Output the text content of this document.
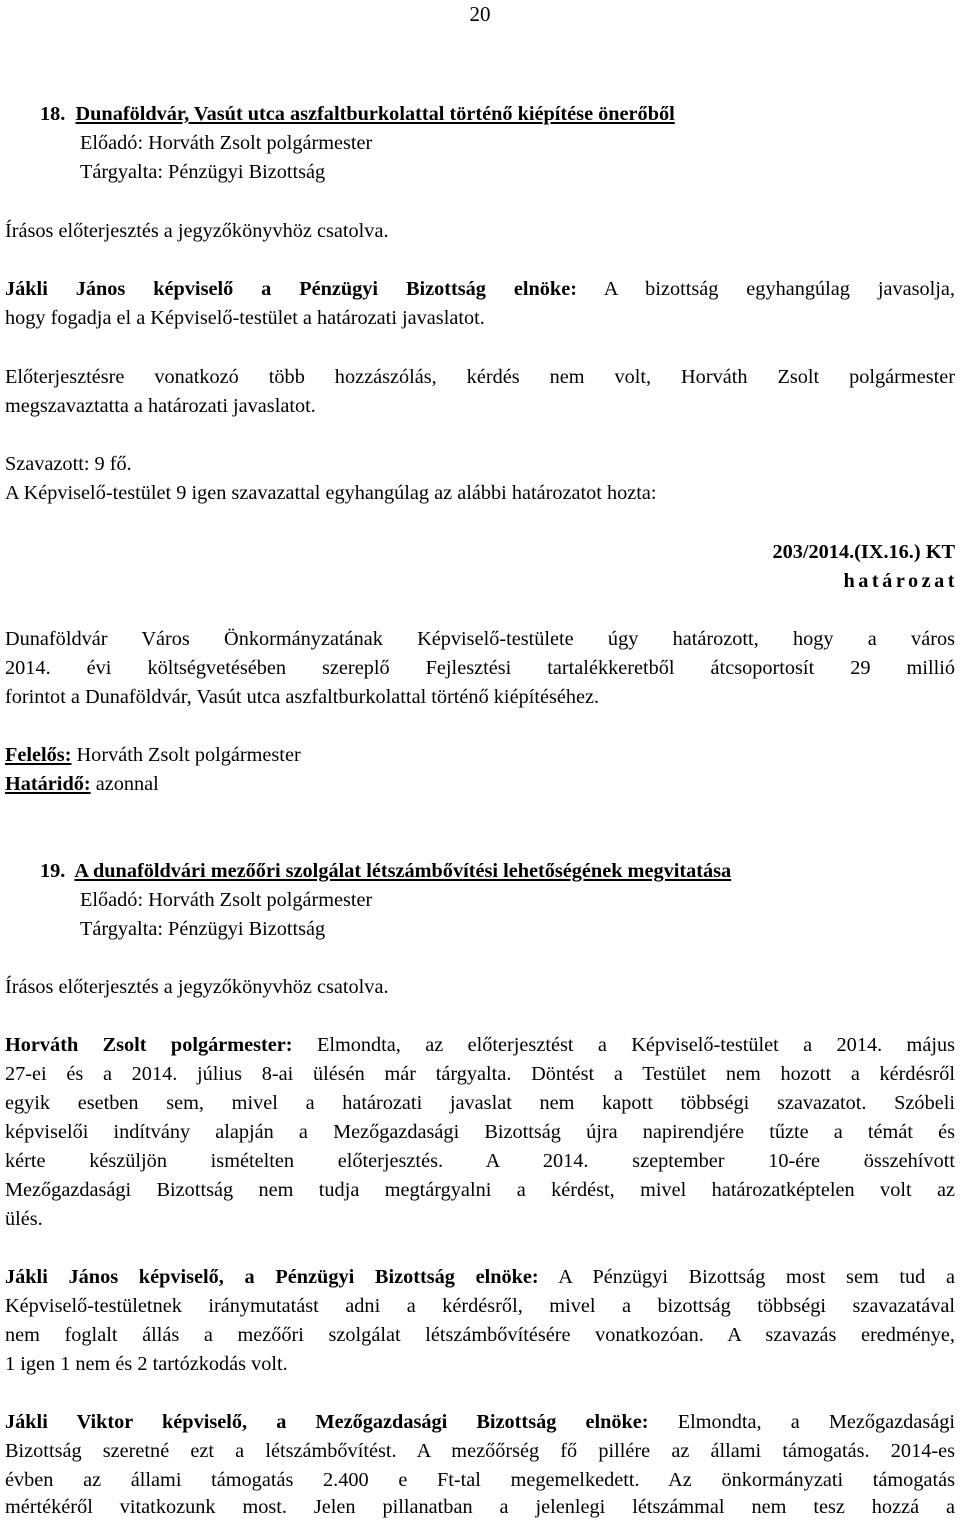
20
18. Dunaföldvár, Vasút utca aszfaltburkolattal történő kiépítése önerőből
Előadó: Horváth Zsolt polgármester
Tárgyalta: Pénzügyi Bizottság
Írásos előterjesztés a jegyzőkönyvhöz csatolva.
Jákli János képviselő a Pénzügyi Bizottság elnöke: A bizottság egyhangúlag javasolja,
hogy fogadja el a Képviselő-testület a határozati javaslatot.
Előterjesztésre vonatkozó több hozzászólás, kérdés nem volt, Horváth Zsolt polgármester
megszavaztatta a határozati javaslatot.
Szavazott: 9 fő.
A Képviselő-testület 9 igen szavazattal egyhangúlag az alábbi határozatot hozta:
203/2014.(IX.16.) KT
határozat
Dunaföldvár Város Önkormányzatának Képviselő-testülete úgy határozott, hogy a város
2014. évi költségvetésében szereplő Fejlesztési tartalékkeretből átcsoportosít 29 millió
forintot a Dunaföldvár, Vasút utca aszfaltburkolattal történő kiépítéséhez.
Felelős: Horváth Zsolt polgármester
Határidő: azonnal
19. A dunaföldvári mezőőri szolgálat létszámbővítési lehetőségének megvitatása
Előadó: Horváth Zsolt polgármester
Tárgyalta: Pénzügyi Bizottság
Írásos előterjesztés a jegyzőkönyvhöz csatolva.
Horváth Zsolt polgármester: Elmondta, az előterjesztést a Képviselő-testület a 2014. május
27-ei és a 2014. július 8-ai ülésén már tárgyalta. Döntést a Testület nem hozott a kérdésről
egyik esetben sem, mivel a határozati javaslat nem kapott többségi szavazatot. Szóbeli
képviselői indítvány alapján a Mezőgazdasági Bizottság újra napirendjére tűzte a témát és
kérte készüljön ismételten előterjesztés. A 2014. szeptember 10-ére összehívott
Mezőgazdasági Bizottság nem tudja megtárgyalni a kérdést, mivel határozatképtelen volt az
ülés.
Jákli János képviselő, a Pénzügyi Bizottság elnöke: A Pénzügyi Bizottság most sem tud a
Képviselő-testületnek iránymutatást adni a kérdésről, mivel a bizottság többségi szavazatával
nem foglalt állás a mezőőri szolgálat létszámbővítésére vonatkozóan. A szavazás eredménye,
1 igen 1 nem és 2 tartózkodás volt.
Jákli Viktor képviselő, a Mezőgazdasági Bizottság elnöke: Elmondta, a Mezőgazdasági
Bizottság szeretné ezt a létszámbővítést. A mezőőrség fő pillére az állami támogatás. 2014-es
évben az állami támogatás 2.400 e Ft-tal megemelkedett. Az önkormányzati támogatás
mértékéről vitatkozunk most. Jelen pillanatban a jelenlegi létszámmal nem tesz hozzá a
